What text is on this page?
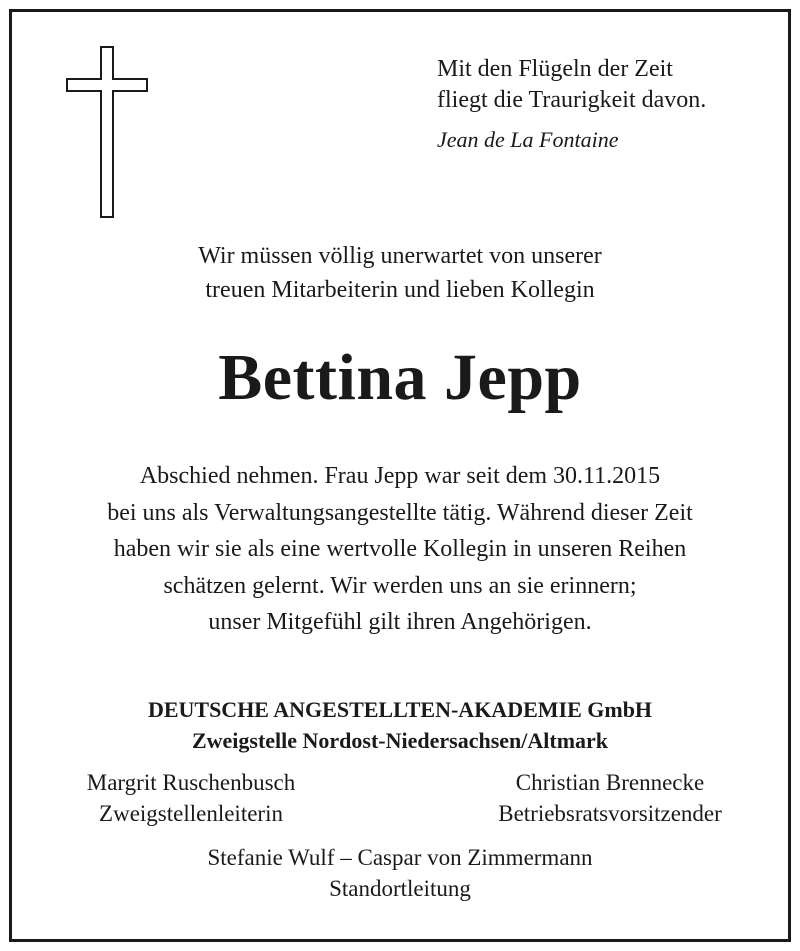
Mit den Flügeln der Zeit
fliegt die Traurigkeit davon.
Jean de La Fontaine
Wir müssen völlig unerwartet von unserer
treuen Mitarbeiterin und lieben Kollegin
Bettina Jepp
Abschied nehmen. Frau Jepp war seit dem 30.11.2015
bei uns als Verwaltungsangestellte tätig. Während dieser Zeit
haben wir sie als eine wertvolle Kollegin in unseren Reihen
schätzen gelernt. Wir werden uns an sie erinnern;
unser Mitgefühl gilt ihren Angehörigen.
DEUTSCHE ANGESTELLTEN-AKADEMIE GmbH
Zweigstelle Nordost-Niedersachsen/Altmark
Margrit Ruschenbusch
Zweigstellenleiterin
Christian Brennecke
Betriebsratsvorsitzender
Stefanie Wulf – Caspar von Zimmermann
Standortleitung
